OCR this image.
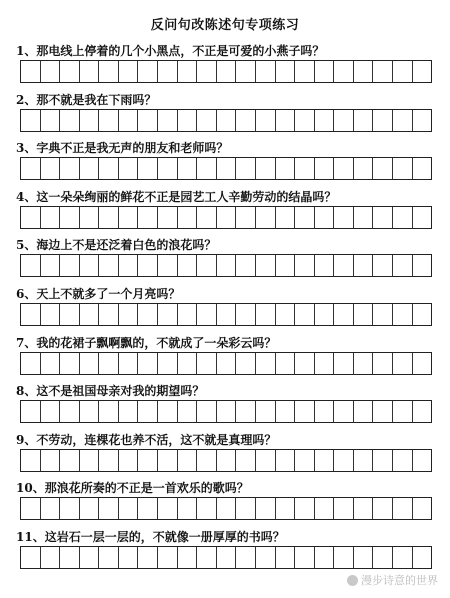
反问句改陈述句专项练习
1、那电线上停着的几个小黑点，不正是可爱的小燕子吗？
2、那不就是我在下雨吗？
3、字典不正是我无声的朋友和老师吗？
4、这一朵朵绚丽的鲜花不正是园艺工人辛勤劳动的结晶吗？
5、海边上不是还泛着白色的浪花吗？
6、天上不就多了一个月亮吗？
7、我的花裙子飘啊飘的，不就成了一朵彩云吗？
8、这不是祖国母亲对我的期望吗？
9、不劳动，连棵花也养不活，这不就是真理吗？
10、那浪花所奏的不正是一首欢乐的歌吗？
11、这岩石一层一层的，不就像一册厚厚的书吗？
漫步诗意的世界
